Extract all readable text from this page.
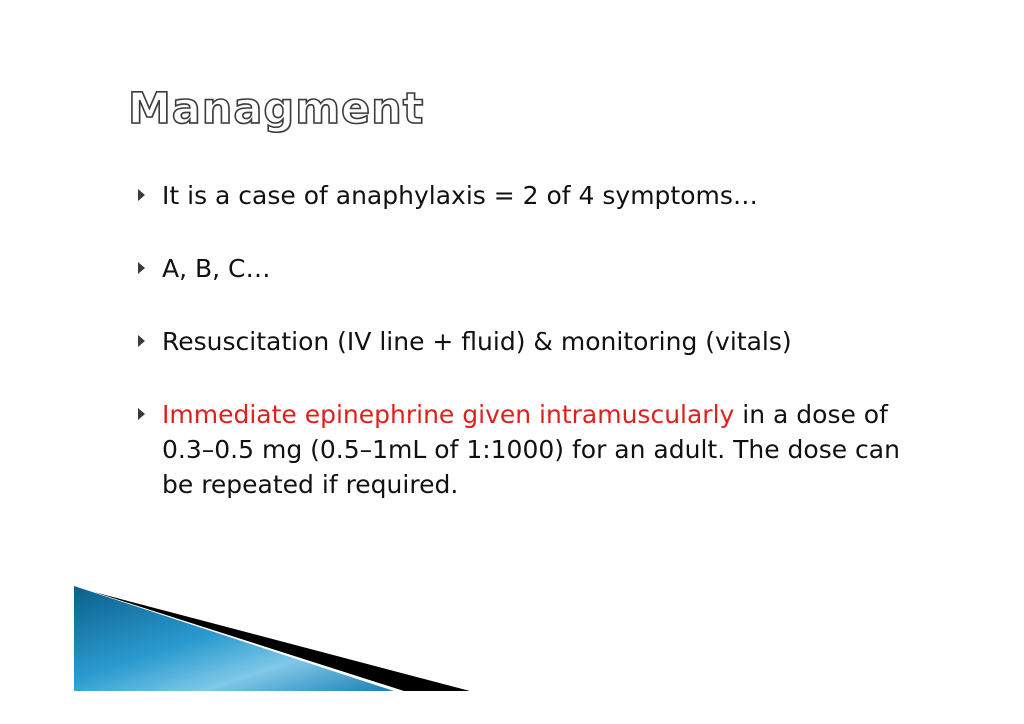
Managment
It is a case of anaphylaxis = 2 of 4 symptoms…
A, B, C…
Resuscitation (IV line + fluid) & monitoring (vitals)
Immediate epinephrine given intramuscularly in a dose of 0.3–0.5 mg (0.5–1mL of 1:1000) for an adult. The dose can be repeated if required.
